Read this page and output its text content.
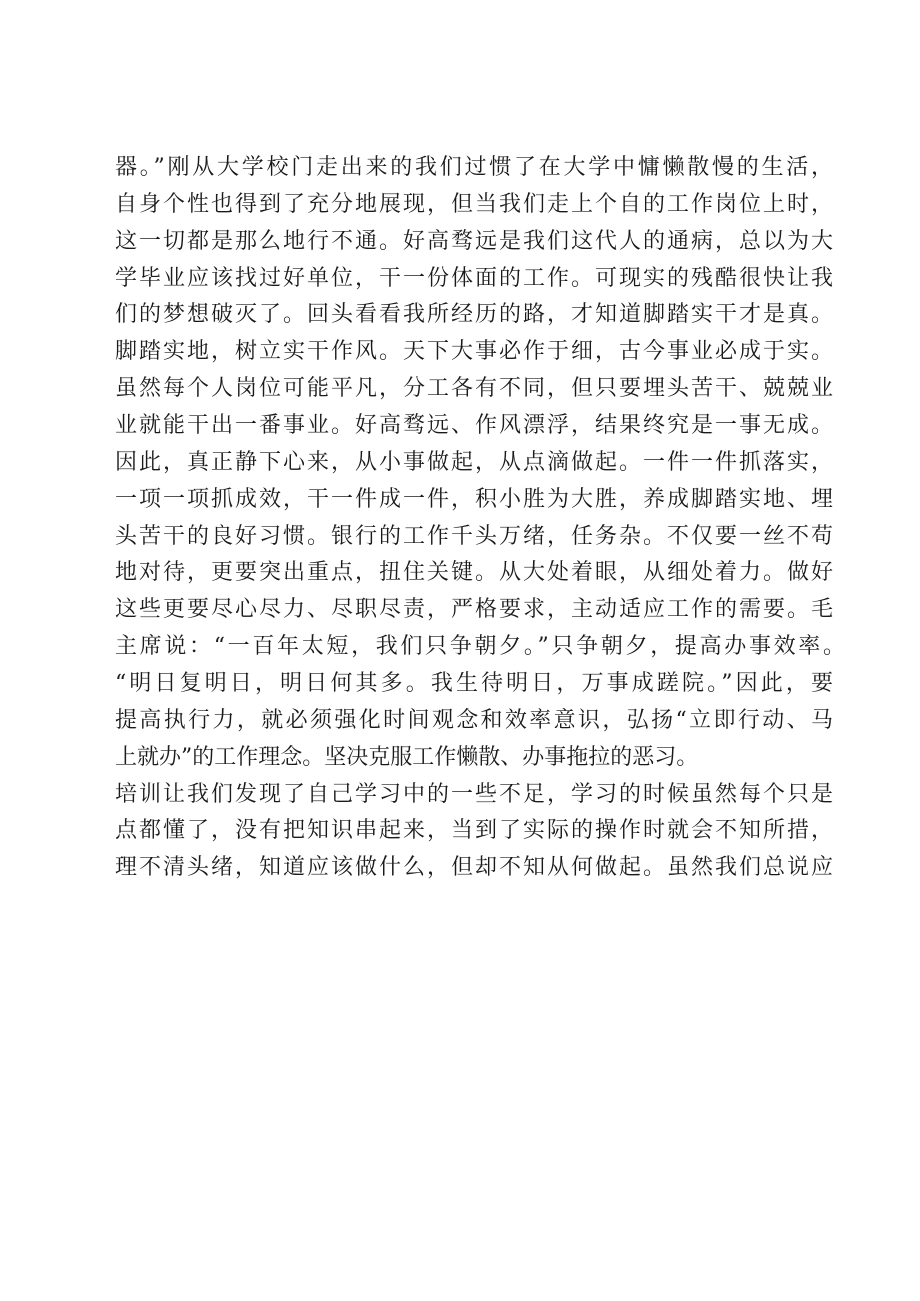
器。”刚从大学校门走出来的我们过惯了在大学中慵懒散慢的生活，
自身个性也得到了充分地展现，但当我们走上个自的工作岗位上时，
这一切都是那么地行不通。好高骛远是我们这代人的通病，总以为大
学毕业应该找过好单位，干一份体面的工作。可现实的残酷很快让我
们的梦想破灭了。回头看看我所经历的路，才知道脚踏实干才是真。
脚踏实地，树立实干作风。天下大事必作于细，古今事业必成于实。
虽然每个人岗位可能平凡，分工各有不同，但只要埋头苦干、兢兢业
业就能干出一番事业。好高骛远、作风漂浮，结果终究是一事无成。
因此，真正静下心来，从小事做起，从点滴做起。一件一件抓落实，
一项一项抓成效，干一件成一件，积小胜为大胜，养成脚踏实地、埋
头苦干的良好习惯。银行的工作千头万绪，任务杂。不仅要一丝不苟
地对待，更要突出重点，扭住关键。从大处着眼，从细处着力。做好
这些更要尽心尽力、尽职尽责，严格要求，主动适应工作的需要。毛
主席说：“一百年太短，我们只争朝夕。”只争朝夕，提高办事效率。
“明日复明日，明日何其多。我生待明日，万事成蹉院。”因此，要
提高执行力，就必须强化时间观念和效率意识，弘扬“立即行动、马
上就办”的工作理念。坚决克服工作懒散、办事拖拉的恶习。
培训让我们发现了自己学习中的一些不足，学习的时候虽然每个只是
点都懂了，没有把知识串起来，当到了实际的操作时就会不知所措，
理不清头绪，知道应该做什么，但却不知从何做起。虽然我们总说应
